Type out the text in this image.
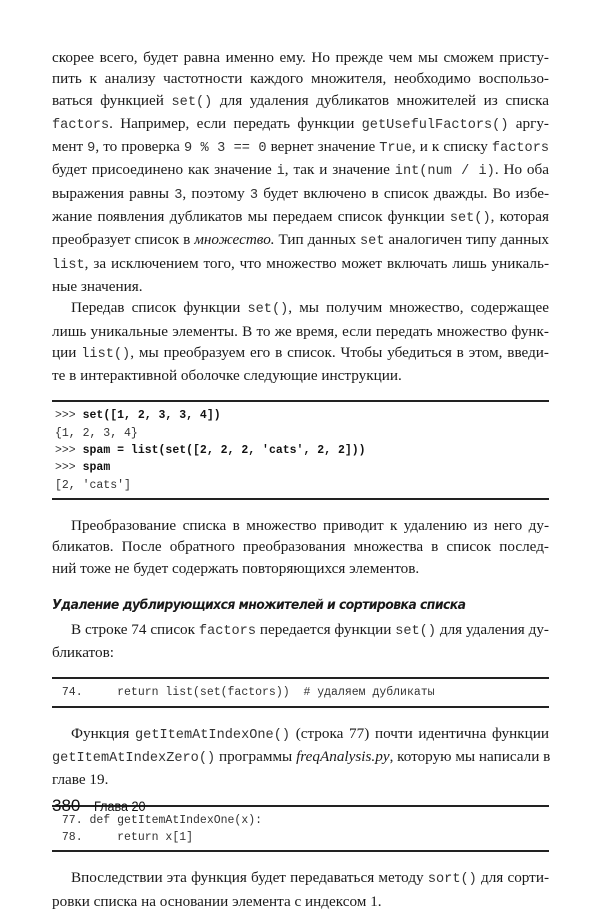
скорее всего, будет равна именно ему. Но прежде чем мы сможем присту-
пить к анализу частотности каждого множителя, необходимо воспользо-
ваться функцией set() для удаления дубликатов множителей из списка
factors. Например, если передать функции getUsefulFactors() аргу-
мент 9, то проверка 9 % 3 == 0 вернет значение True, и к списку factors
будет присоединено как значение i, так и значение int(num / i). Но оба
выражения равны 3, поэтому 3 будет включено в список дважды. Во избе-
жание появления дубликатов мы передаем список функции set(), которая
преобразует список в множество. Тип данных set аналогичен типу данных
list, за исключением того, что множество может включать лишь уникаль-
ные значения.
Передав список функции set(), мы получим множество, содержащее
лишь уникальные элементы. В то же время, если передать множество функ-
ции list(), мы преобразуем его в список. Чтобы убедиться в этом, введи-
те в интерактивной оболочке следующие инструкции.
>>> set([1, 2, 3, 3, 4])
{1, 2, 3, 4}
>>> spam = list(set([2, 2, 2, 'cats', 2, 2]))
>>> spam
[2, 'cats']
Преобразование списка в множество приводит к удалению из него ду-
бликатов. После обратного преобразования множества в список послед-
ний тоже не будет содержать повторяющихся элементов.
Удаление дублирующихся множителей и сортировка списка
В строке 74 список factors передается функции set() для удаления ду-
бликатов:
74.     return list(set(factors))  # удаляем дубликаты
Функция getItemAtIndexOne() (строка 77) почти идентична функции
getItemAtIndexZero() программы freqAnalysis.py, которую мы написали в
главе 19.
77. def getItemAtIndexOne(x):
78.     return x[1]
Впоследствии эта функция будет передаваться методу sort() для сорти-
ровки списка на основании элемента с индексом 1.
380 Глава 20
